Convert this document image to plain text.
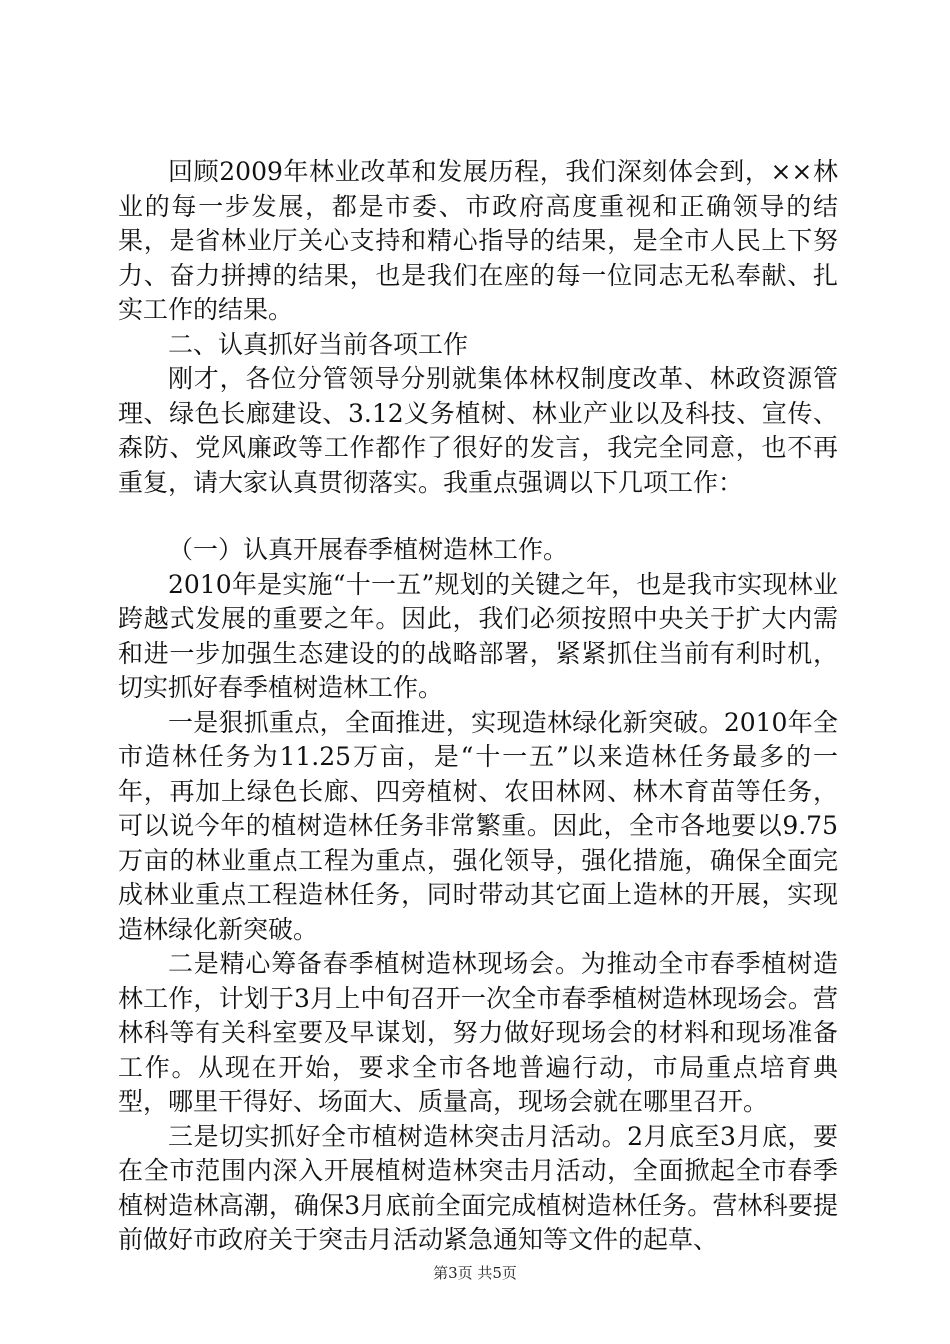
回顾2009年林业改革和发展历程，我们深刻体会到，××林业的每一步发展，都是市委、市政府高度重视和正确领导的结果，是省林业厅关心支持和精心指导的结果，是全市人民上下努力、奋力拼搏的结果，也是我们在座的每一位同志无私奉献、扎实工作的结果。

二、认真抓好当前各项工作

刚才，各位分管领导分别就集体林权制度改革、林政资源管理、绿色长廊建设、3.12义务植树、林业产业以及科技、宣传、森防、党风廉政等工作都作了很好的发言，我完全同意，也不再重复，请大家认真贯彻落实。我重点强调以下几项工作：

（一）认真开展春季植树造林工作。

2010年是实施“十一五”规划的关键之年，也是我市实现林业跨越式发展的重要之年。因此，我们必须按照中央关于扩大内需和进一步加强生态建设的的战略部署，紧紧抓住当前有利时机，切实抓好春季植树造林工作。

一是狠抓重点，全面推进，实现造林绿化新突破。2010年全市造林任务为11.25万亩，是“十一五”以来造林任务最多的一年，再加上绿色长廊、四旁植树、农田林网、林木育苗等任务，可以说今年的植树造林任务非常繁重。因此，全市各地要以9.75万亩的林业重点工程为重点，强化领导，强化措施，确保全面完成林业重点工程造林任务，同时带动其它面上造林的开展，实现造林绿化新突破。

二是精心筹备春季植树造林现场会。为推动全市春季植树造林工作，计划于3月上中旬召开一次全市春季植树造林现场会。营林科等有关科室要及早谋划，努力做好现场会的材料和现场准备工作。从现在开始，要求全市各地普遍行动，市局重点培育典型，哪里干得好、场面大、质量高，现场会就在哪里召开。

三是切实抓好全市植树造林突击月活动。2月底至3月底，要在全市范围内深入开展植树造林突击月活动，全面掀起全市春季植树造林高潮，确保3月底前全面完成植树造林任务。营林科要提前做好市政府关于突击月活动紧急通知等文件的起草、

第3页 共5页
